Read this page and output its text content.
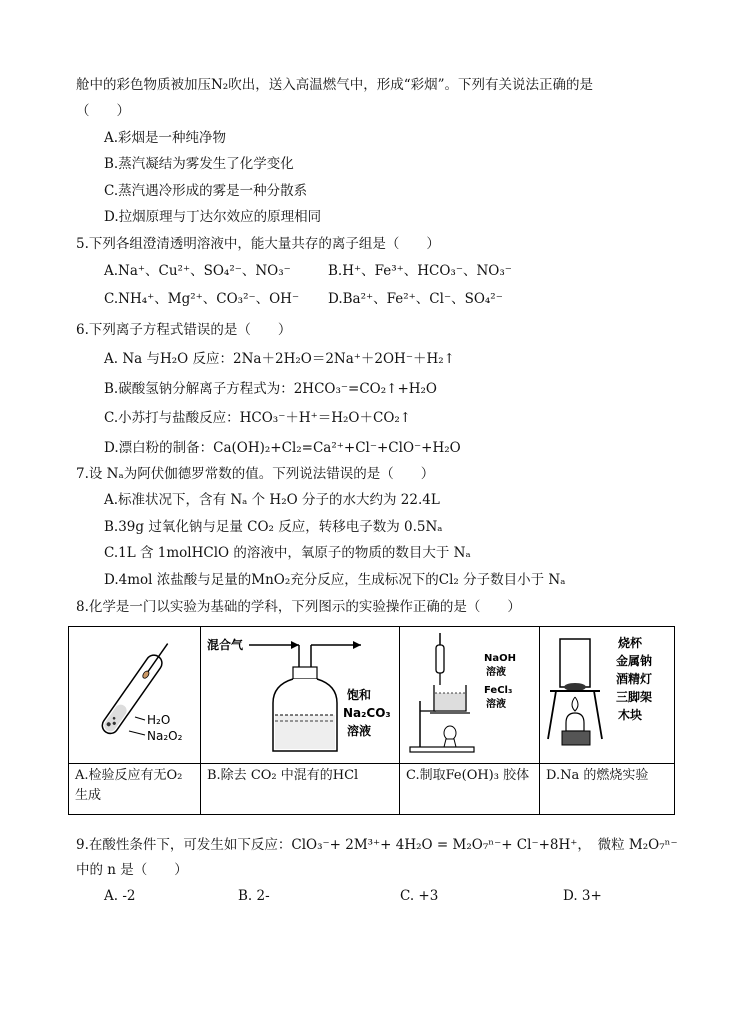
舱中的彩色物质被加压N₂吹出，送入高温燃气中，形成“彩烟”。下列有关说法正确的是
（　　）
A.彩烟是一种纯净物
B.蒸汽凝结为雾发生了化学变化
C.蒸汽遇冷形成的雾是一种分散系
D.拉烟原理与丁达尔效应的原理相同
5.下列各组澄清透明溶液中，能大量共存的离子组是（　　）
A.Na⁺、Cu²⁺、SO₄²⁻、NO₃⁻	B.H⁺、Fe³⁺、HCO₃⁻、NO₃⁻
C.NH₄⁺、Mg²⁺、CO₃²⁻、OH⁻ D.Ba²⁺、Fe²⁺、Cl⁻、SO₄²⁻
6.下列离子方程式错误的是（　　）
A. Na 与H₂O 反应：2Na＋2H₂O＝2Na⁺＋2OH⁻＋H₂↑
B.碳酸氢钠分解离子方程式为：2HCO₃⁻=CO₂↑+H₂O
C.小苏打与盐酸反应：HCO₃⁻＋H⁺＝H₂O＋CO₂↑
D.漂白粉的制备：Ca(OH)₂+Cl₂=Ca²⁺+Cl⁻+ClO⁻+H₂O
7.设 Nₐ为阿伏伽德罗常数的值。下列说法错误的是（　　）
A.标准状况下，含有 Nₐ 个 H₂O 分子的水大约为 22.4L
B.39g 过氧化钠与足量 CO₂ 反应，转移电子数为 0.5Nₐ
C.1L 含 1molHClO 的溶液中，氧原子的物质的数目大于 Nₐ
D.4mol 浓盐酸与足量的MnO₂充分反应，生成标况下的Cl₂ 分子数目小于 Nₐ
8.化学是一门以实验为基础的学科，下列图示的实验操作正确的是（　　）
H₂O
Na₂O₂	混合气
饱和
Na₂CO₃
溶液	NaOH
溶液
FeCl₃
溶液	烧杯
金属钠
酒精灯
三脚架
木块

A.检验反应有无O₂生成	B.除去 CO₂ 中混有的HCl	C.制取Fe(OH)₃ 胶体	D.Na 的燃烧实验
9.在酸性条件下，可发生如下反应：ClO₃⁻+ 2M³⁺+ 4H₂O = M₂O₇ⁿ⁻+ Cl⁻+8H⁺，　微粒 M₂O₇ⁿ⁻
中的 n 是（　　）
A. -2	B. 2-	C. +3	D. 3+
